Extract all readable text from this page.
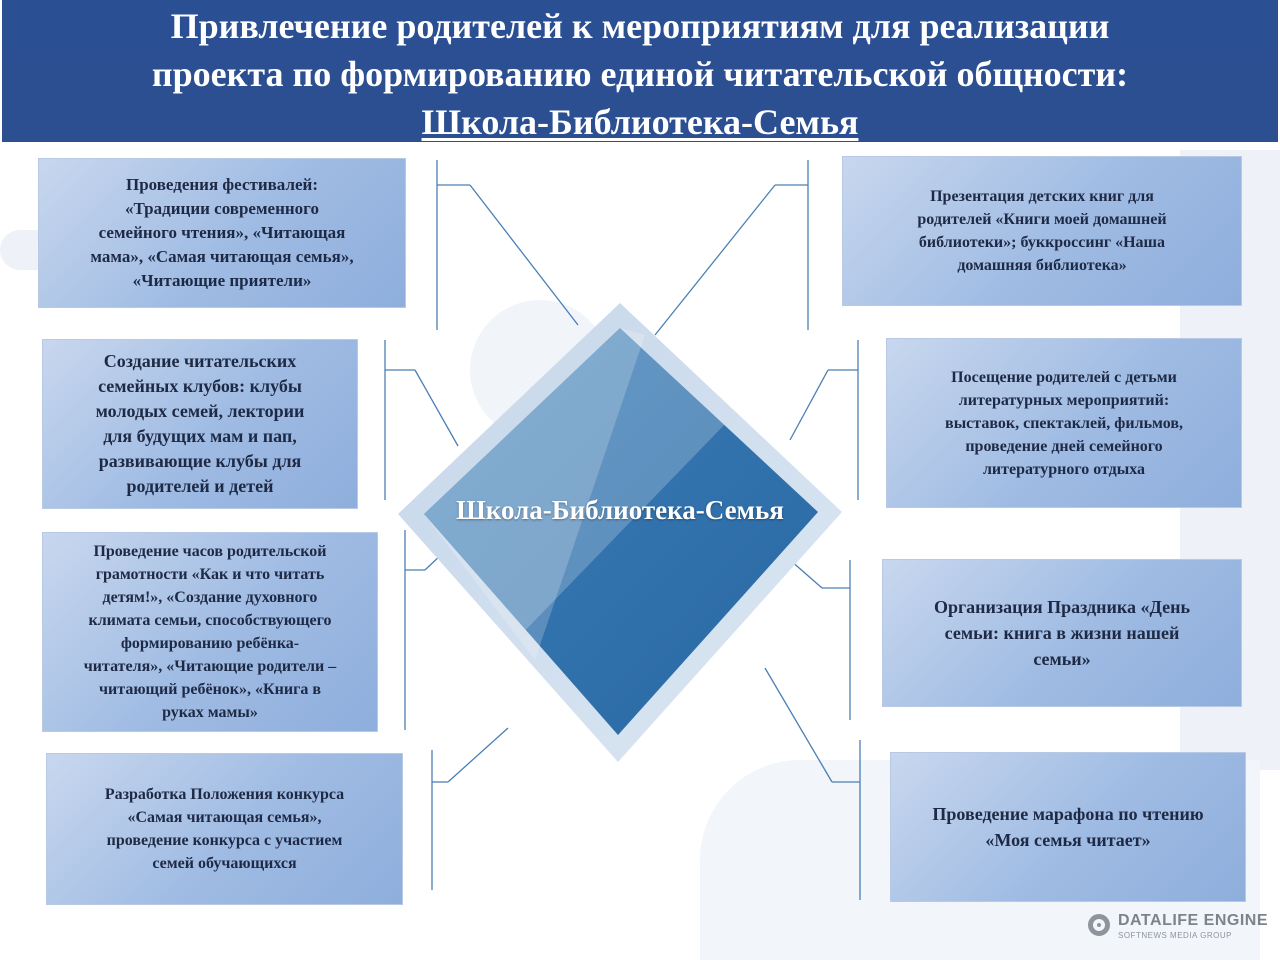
Привлечение родителей к мероприятиям для реализации
проекта по формированию единой читательской общности:
Школа-Библиотека-Семья
Школа-Библиотека-Семья
Проведения фестивалей:
«Традиции современного
семейного чтения», «Читающая
мама», «Самая читающая семья»,
«Читающие приятели»
Создание читательских
семейных клубов: клубы
молодых семей, лектории
для будущих мам и пап,
развивающие клубы для
родителей и детей
Проведение часов родительской
грамотности «Как и что читать
детям!», «Создание духовного
климата семьи, способствующего
формированию ребёнка-
читателя», «Читающие родители –
читающий ребёнок», «Книга в
руках мамы»
Разработка Положения конкурса
«Самая читающая семья»,
проведение конкурса с участием
семей обучающихся
Презентация детских книг для
родителей «Книги моей домашней
библиотеки»; буккроссинг «Наша
домашняя библиотека»
Посещение родителей с детьми
литературных мероприятий:
выставок, спектаклей, фильмов,
проведение дней семейного
литературного отдыха
Организация Праздника «День
семьи: книга в жизни нашей
семьи»
Проведение марафона по чтению
«Моя семья читает»
DATALIFE ENGINE
SOFTNEWS MEDIA GROUP
